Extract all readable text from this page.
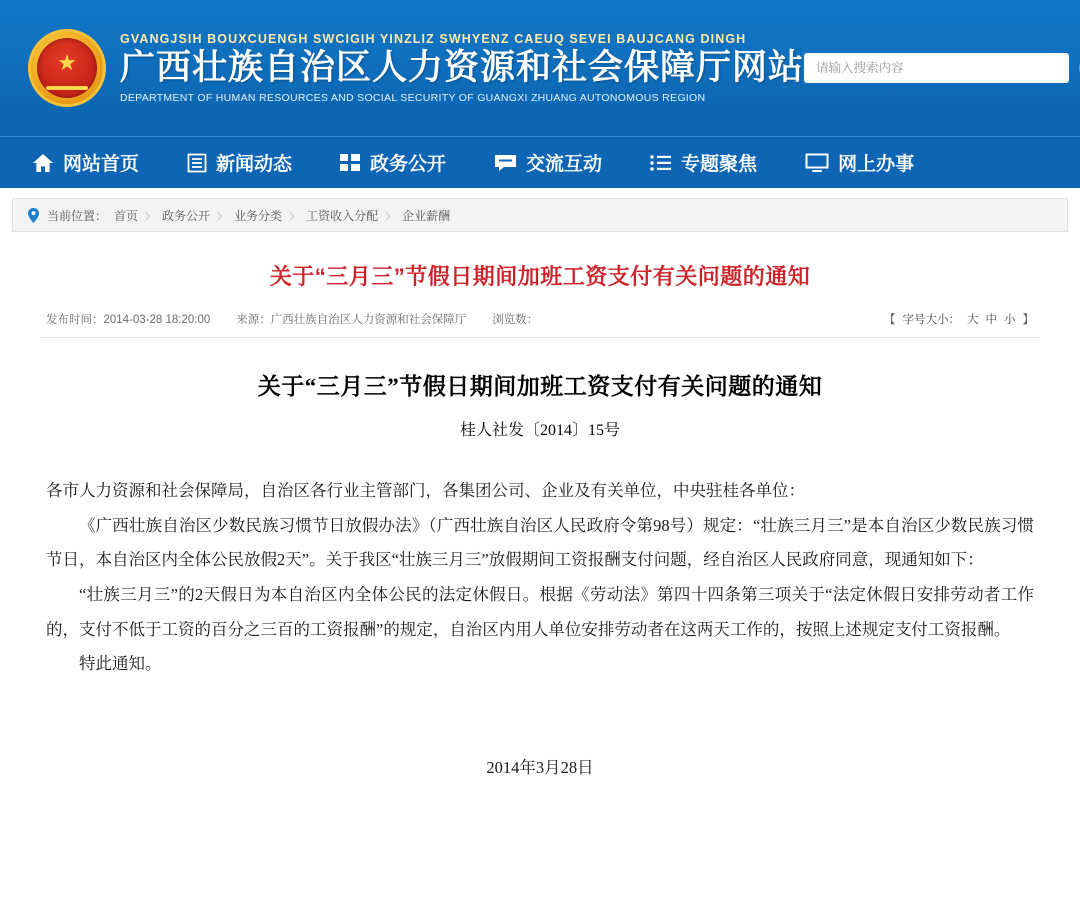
★
GVANGJSIH BOUXCUENGH SWCIGIH YINZLIZ SWHYENZ CAEUQ SEVEI BAUJCANG DINGH
广西壮族自治区人力资源和社会保障厅网站
DEPARTMENT OF HUMAN RESOURCES AND SOCIAL SECURITY OF GUANGXI ZHUANG AUTONOMOUS REGION
请输入搜索内容
网站首页	新闻动态	政务公开	交流互动	专题聚焦	网上办事
当前位置： 首页 〉 政务公开 〉 业务分类 〉 工资收入分配 〉 企业薪酬
关于“三月三”节假日期间加班工资支付有关问题的通知
发布时间：2014-03-28 18:20:00 来源：广西壮族自治区人力资源和社会保障厅 浏览数：	【 字号大小： 大 中 小 】
关于“三月三”节假日期间加班工资支付有关问题的通知
桂人社发〔2014〕15号

各市人力资源和社会保障局，自治区各行业主管部门，各集团公司、企业及有关单位，中央驻桂各单位：

《广西壮族自治区少数民族习惯节日放假办法》（广西壮族自治区人民政府令第98号）规定：“壮族三月三”是本自治区少数民族习惯节日，本自治区内全体公民放假2天”。关于我区“壮族三月三”放假期间工资报酬支付问题，经自治区人民政府同意，现通知如下：

“壮族三月三”的2天假日为本自治区内全体公民的法定休假日。根据《劳动法》第四十四条第三项关于“法定休假日安排劳动者工作的，支付不低于工资的百分之三百的工资报酬”的规定，自治区内用人单位安排劳动者在这两天工作的，按照上述规定支付工资报酬。

特此通知。

2014年3月28日
